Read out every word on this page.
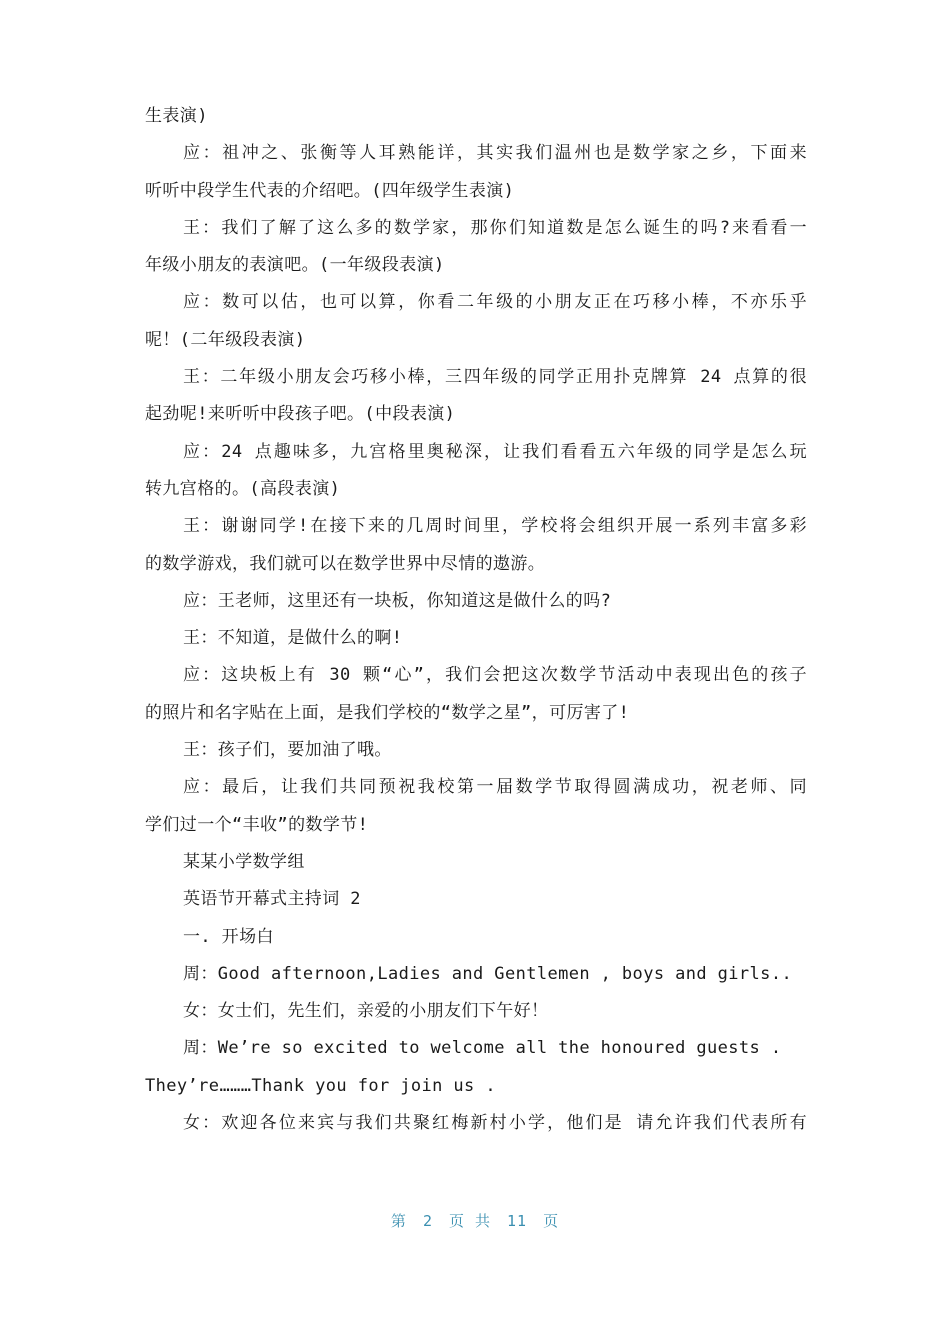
生表演)
应：祖冲之、张衡等人耳熟能详，其实我们温州也是数学家之乡，下面来
听听中段学生代表的介绍吧。(四年级学生表演)
王：我们了解了这么多的数学家，那你们知道数是怎么诞生的吗?来看看一
年级小朋友的表演吧。(一年级段表演)
应：数可以估，也可以算，你看二年级的小朋友正在巧移小棒，不亦乐乎
呢！(二年级段表演)
王：二年级小朋友会巧移小棒，三四年级的同学正用扑克牌算 24 点算的很
起劲呢!来听听中段孩子吧。(中段表演)
应：24 点趣味多，九宫格里奥秘深，让我们看看五六年级的同学是怎么玩
转九宫格的。(高段表演)
王：谢谢同学!在接下来的几周时间里，学校将会组织开展一系列丰富多彩
的数学游戏，我们就可以在数学世界中尽情的遨游。
应：王老师，这里还有一块板，你知道这是做什么的吗?
王：不知道，是做什么的啊!
应：这块板上有 30 颗“心”，我们会把这次数学节活动中表现出色的孩子
的照片和名字贴在上面，是我们学校的“数学之星”，可厉害了!
王：孩子们，要加油了哦。
应：最后，让我们共同预祝我校第一届数学节取得圆满成功，祝老师、同
学们过一个“丰收”的数学节!
某某小学数学组
英语节开幕式主持词 2
一. 开场白
周：Good afternoon,Ladies and Gentlemen , boys and girls..
女：女士们，先生们，亲爱的小朋友们下午好！
周：We’re so excited to welcome all the honoured guests .
They’re………Thank you for join us .
女：欢迎各位来宾与我们共聚红梅新村小学，他们是 请允许我们代表所有
第 2 页 共 11 页
